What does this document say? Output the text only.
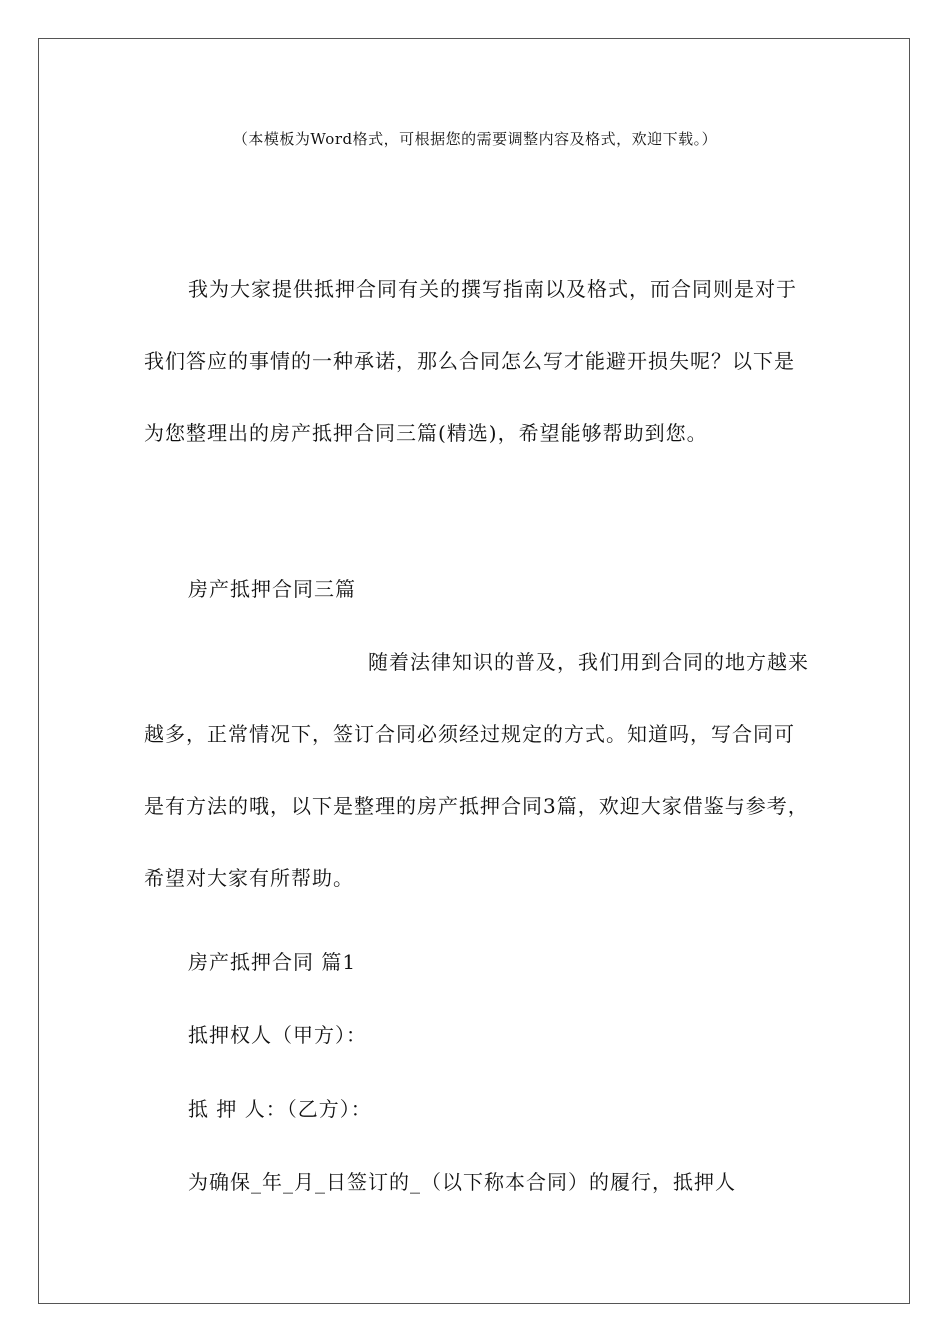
（本模板为Word格式，可根据您的需要调整内容及格式，欢迎下载。）

我为大家提供抵押合同有关的撰写指南以及格式，而合同则是对于我们答应的事情的一种承诺，那么合同怎么写才能避开损失呢？以下是为您整理出的房产抵押合同三篇(精选)，希望能够帮助到您。

房产抵押合同三篇

随着法律知识的普及，我们用到合同的地方越来越多，正常情况下，签订合同必须经过规定的方式。知道吗，写合同可是有方法的哦，以下是整理的房产抵押合同3篇，欢迎大家借鉴与参考，希望对大家有所帮助。

房产抵押合同 篇1

抵押权人（甲方）：

抵 押 人：（乙方）：

为确保_年_月_日签订的_（以下称本合同）的履行，抵押人
